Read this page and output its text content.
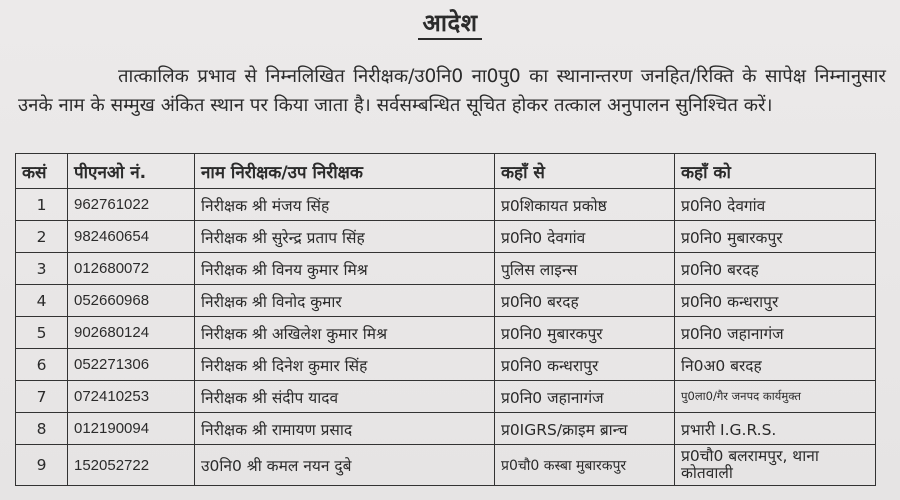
आदेश
तात्कालिक प्रभाव से निम्नलिखित निरीक्षक/उ0नि0 ना0पु0 का स्थानान्तरण जनहित/रिक्ति के सापेक्ष निम्नानुसार उनके नाम के सम्मुख अंकित स्थान पर किया जाता है। सर्वसम्बन्धित सूचित होकर तत्काल अनुपालन सुनिश्चित करें।
कसं	पीएनओ नं.	नाम निरीक्षक/उप निरीक्षक	कहाँ से	कहाँ को
1	962761022	निरीक्षक श्री मंजय सिंह	प्र0शिकायत प्रकोष्ठ	प्र0नि0 देवगांव
2	982460654	निरीक्षक श्री सुरेन्द्र प्रताप सिंह	प्र0नि0 देवगांव	प्र0नि0 मुबारकपुर
3	012680072	निरीक्षक श्री विनय कुमार मिश्र	पुलिस लाइन्स	प्र0नि0 बरदह
4	052660968	निरीक्षक श्री विनोद कुमार	प्र0नि0 बरदह	प्र0नि0 कन्धरापुर
5	902680124	निरीक्षक श्री अखिलेश कुमार मिश्र	प्र0नि0 मुबारकपुर	प्र0नि0 जहानागंज
6	052271306	निरीक्षक श्री दिनेश कुमार सिंह	प्र0नि0 कन्धरापुर	नि0अ0 बरदह
7	072410253	निरीक्षक श्री संदीप यादव	प्र0नि0 जहानागंज	पु0ला0/गैर जनपद कार्यमुक्त
8	012190094	निरीक्षक श्री रामायण प्रसाद	प्र0IGRS/क्राइम ब्रान्च	प्रभारी I.G.R.S.
9	152052722	उ0नि0 श्री कमल नयन दुबे	प्र0चौ0 कस्बा मुबारकपुर	प्र0चौ0 बलरामपुर, थाना कोतवाली
